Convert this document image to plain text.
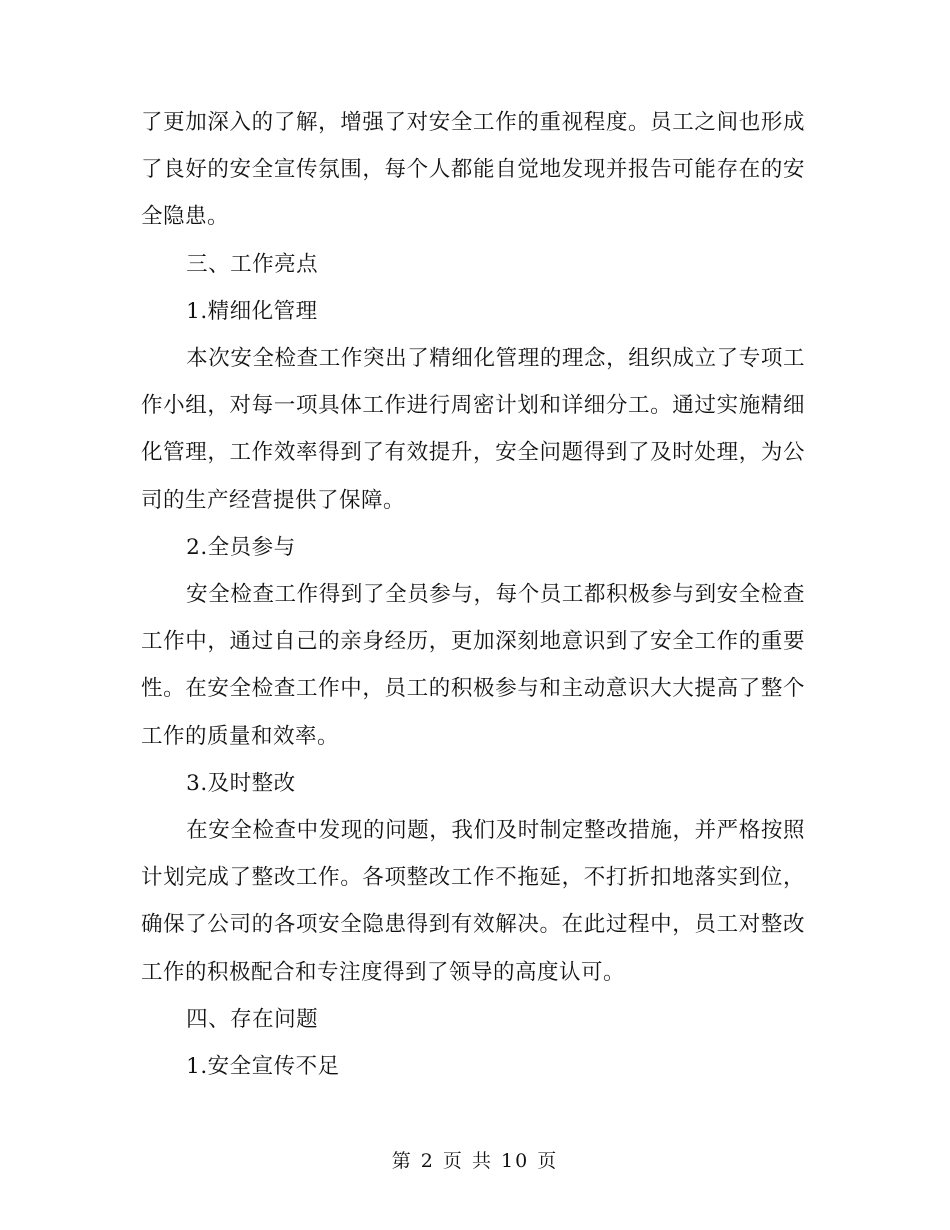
了更加深入的了解，增强了对安全工作的重视程度。员工之间也形成了良好的安全宣传氛围，每个人都能自觉地发现并报告可能存在的安全隐患。

三、工作亮点

1.精细化管理

本次安全检查工作突出了精细化管理的理念，组织成立了专项工作小组，对每一项具体工作进行周密计划和详细分工。通过实施精细化管理，工作效率得到了有效提升，安全问题得到了及时处理，为公司的生产经营提供了保障。

2.全员参与

安全检查工作得到了全员参与，每个员工都积极参与到安全检查工作中，通过自己的亲身经历，更加深刻地意识到了安全工作的重要性。在安全检查工作中，员工的积极参与和主动意识大大提高了整个工作的质量和效率。

3.及时整改

在安全检查中发现的问题，我们及时制定整改措施，并严格按照计划完成了整改工作。各项整改工作不拖延，不打折扣地落实到位，确保了公司的各项安全隐患得到有效解决。在此过程中，员工对整改工作的积极配合和专注度得到了领导的高度认可。

四、存在问题

1.安全宣传不足

第 2 页 共 10 页
